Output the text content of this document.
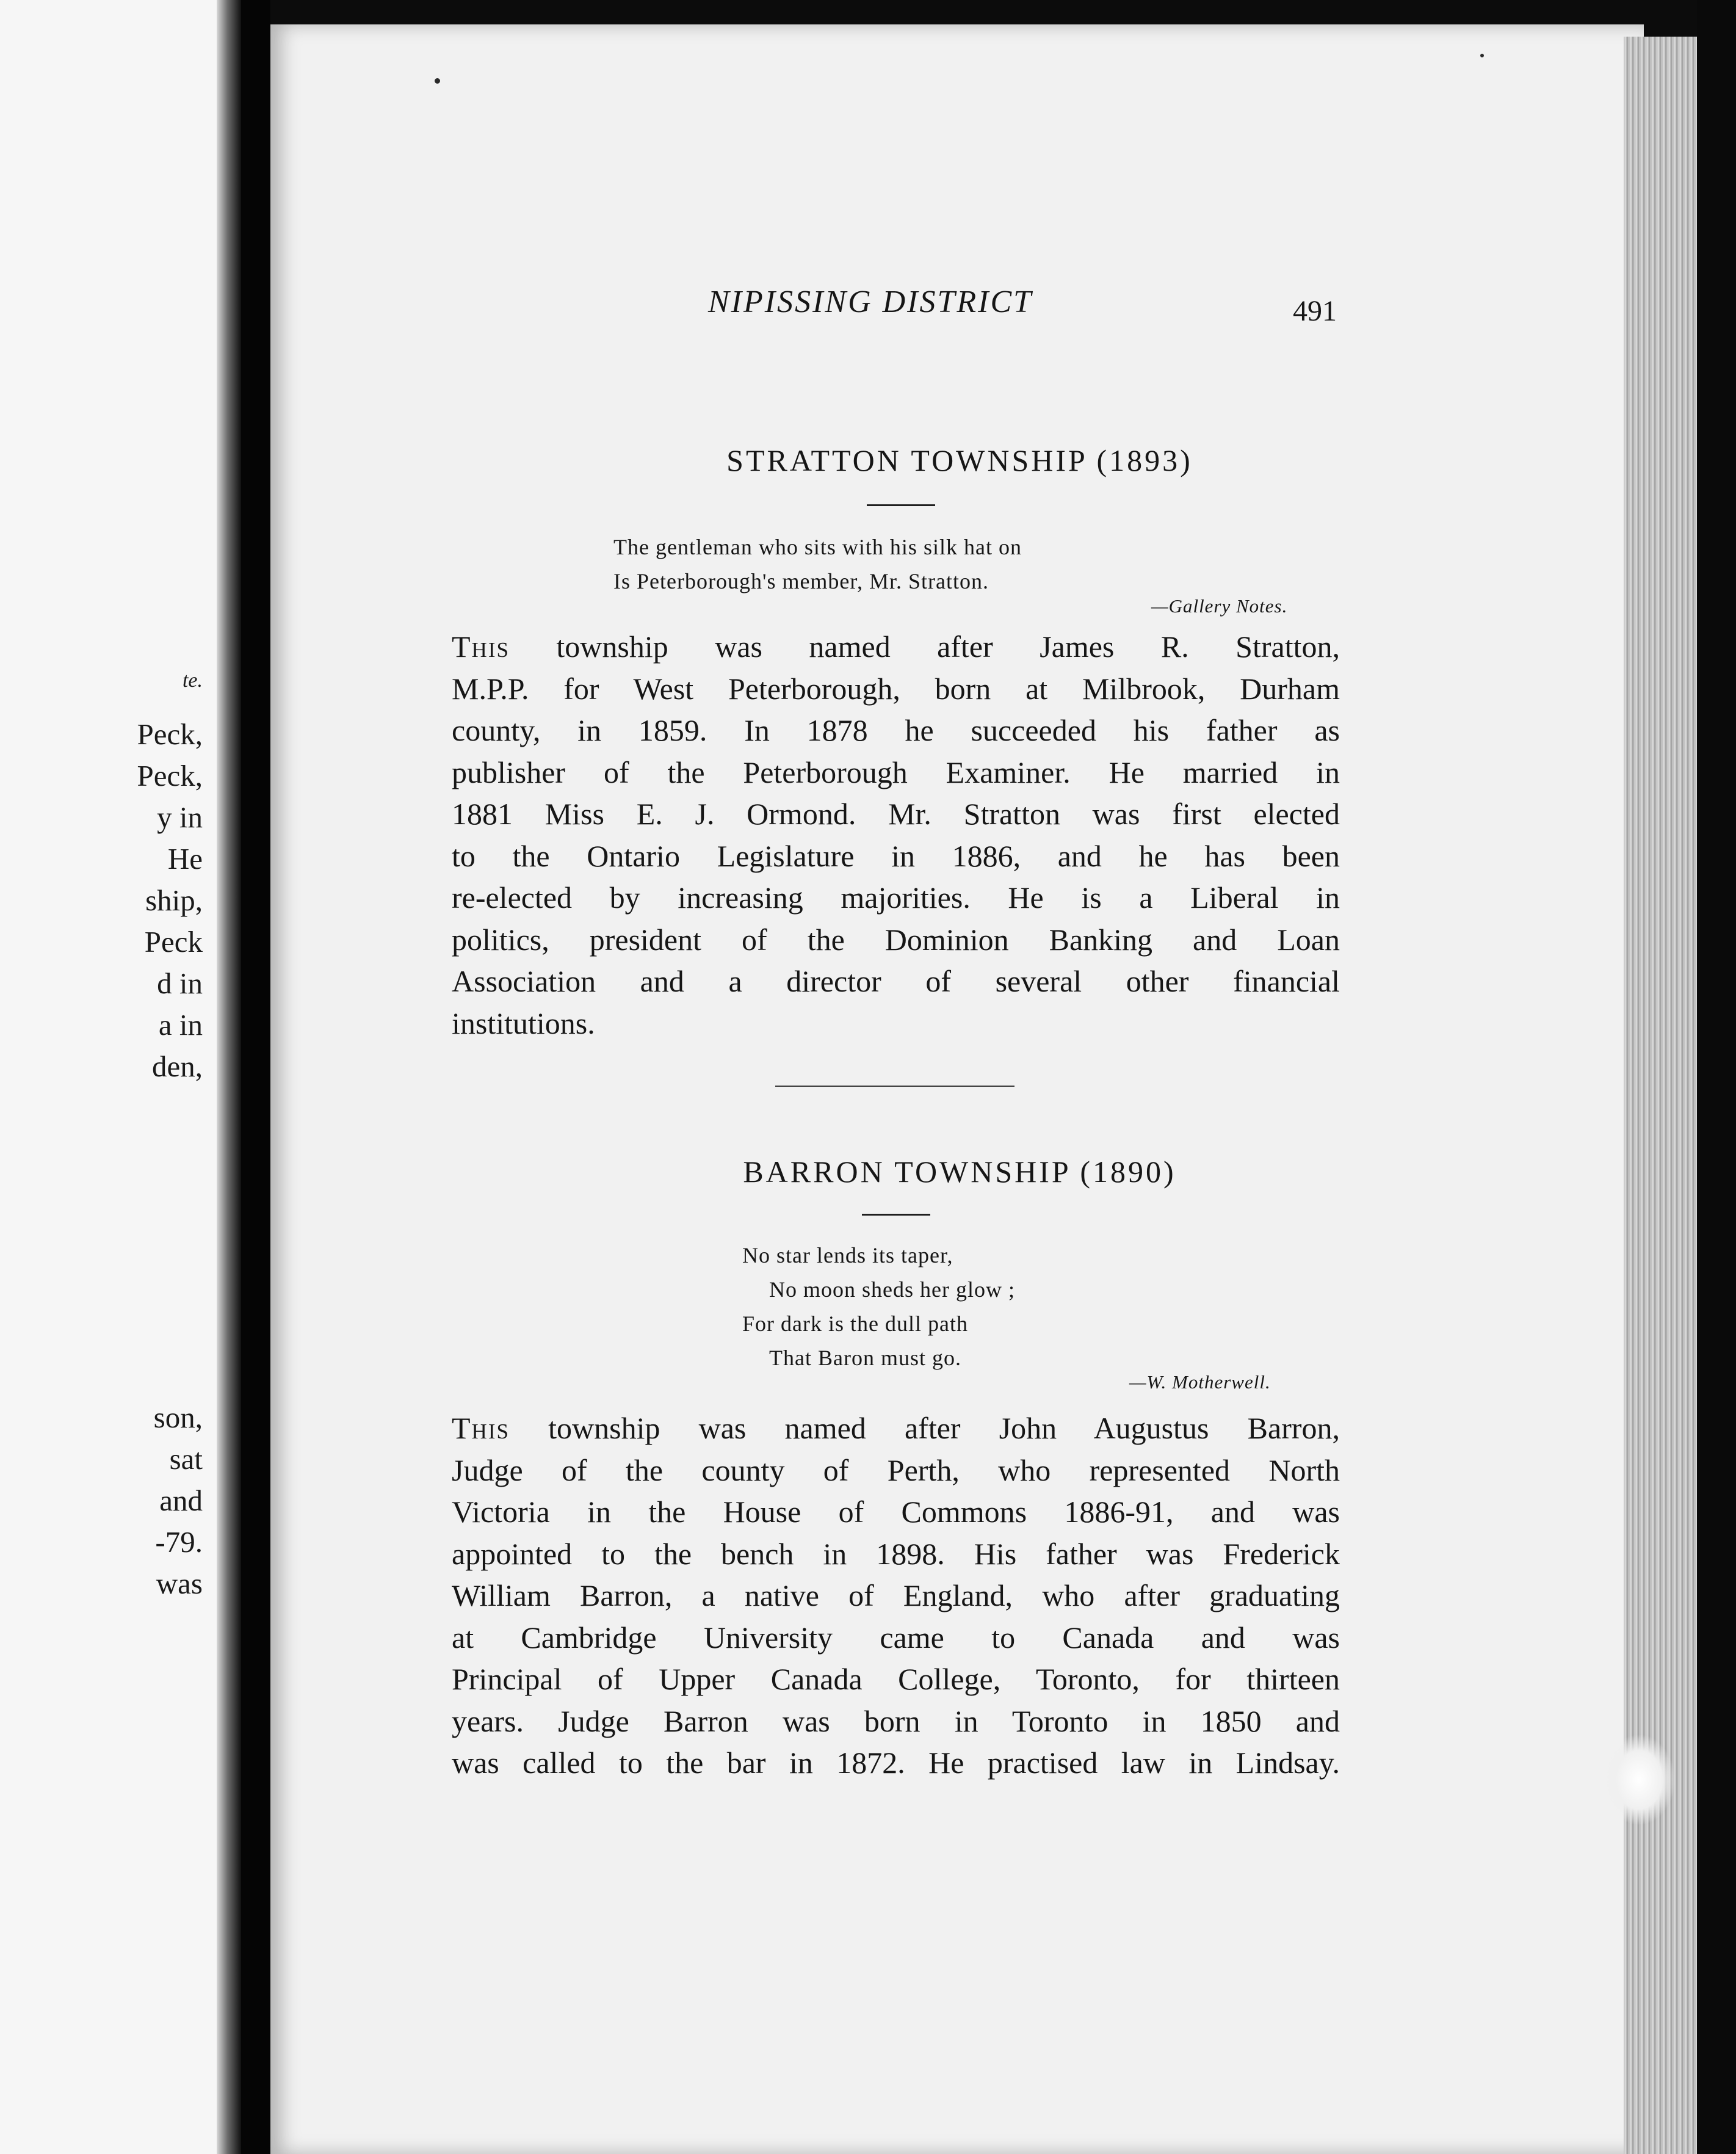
te.
Peck,
Peck,
y in
He
ship,
Peck
d in
a in
den,
son,
sat
and
-79.
was
NIPISSING DISTRICT	491
STRATTON TOWNSHIP (1893)
The gentleman who sits with his silk hat on
Is Peterborough's member, Mr. Stratton.
—Gallery Notes.
This township was named after James R. Stratton,
M.P.P. for West Peterborough, born at Milbrook, Durham
county, in 1859. In 1878 he succeeded his father as
publisher of the Peterborough Examiner. He married in
1881 Miss E. J. Ormond. Mr. Stratton was first elected
to the Ontario Legislature in 1886, and he has been
re-elected by increasing majorities. He is a Liberal in
politics, president of the Dominion Banking and Loan
Association and a director of several other financial
institutions.
BARRON TOWNSHIP (1890)
No star lends its taper,
No moon sheds her glow ;
For dark is the dull path
That Baron must go.
—W. Motherwell.
This township was named after John Augustus Barron,
Judge of the county of Perth, who represented North
Victoria in the House of Commons 1886-91, and was
appointed to the bench in 1898. His father was Frederick
William Barron, a native of England, who after graduating
at Cambridge University came to Canada and was
Principal of Upper Canada College, Toronto, for thirteen
years. Judge Barron was born in Toronto in 1850 and
was called to the bar in 1872. He practised law in Lindsay.
